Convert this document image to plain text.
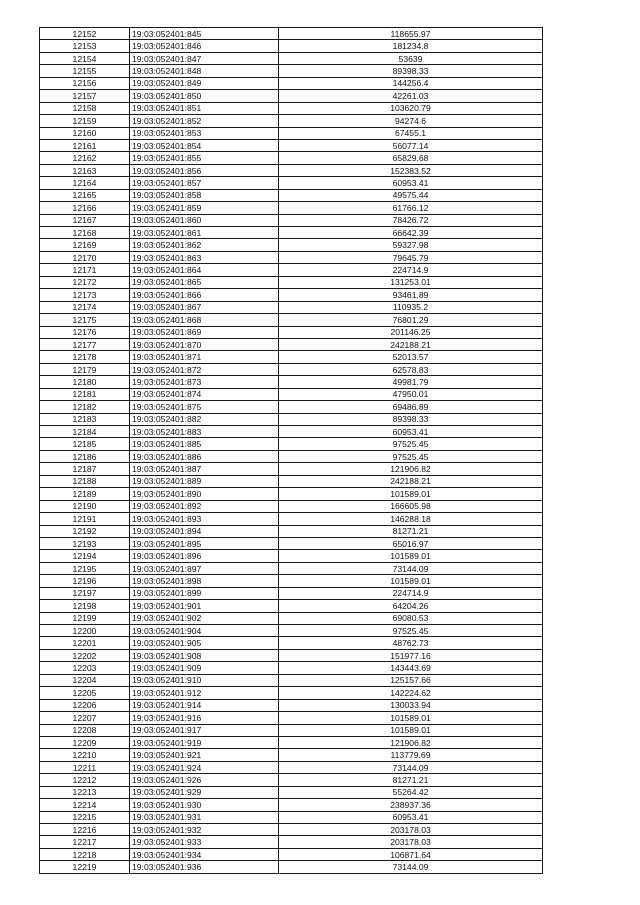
12152	19:03:052401:845	118655.97
12153	19:03:052401:846	181234.8
12154	19:03:052401:847	53639
12155	19:03:052401:848	89398.33
12156	19:03:052401:849	144256.4
12157	19:03:052401:850	42261.03
12158	19:03:052401:851	103620.79
12159	19:03:052401:852	94274.6
12160	19:03:052401:853	67455.1
12161	19:03:052401:854	56077.14
12162	19:03:052401:855	65829.68
12163	19:03:052401:856	152383.52
12164	19:03:052401:857	60953.41
12165	19:03:052401:858	49575.44
12166	19:03:052401:859	61766.12
12167	19:03:052401:860	78426.72
12168	19:03:052401:861	66642.39
12169	19:03:052401:862	59327.98
12170	19:03:052401:863	79645.79
12171	19:03:052401:864	224714.9
12172	19:03:052401:865	131253.01
12173	19:03:052401:866	93461.89
12174	19:03:052401:867	110935.2
12175	19:03:052401:868	76801.29
12176	19:03:052401:869	201146.25
12177	19:03:052401:870	242188.21
12178	19:03:052401:871	52013.57
12179	19:03:052401:872	62578.83
12180	19:03:052401:873	49981.79
12181	19:03:052401:874	47950.01
12182	19:03:052401:875	69486.89
12183	19:03:052401:882	89398.33
12184	19:03:052401:883	60953.41
12185	19:03:052401:885	97525.45
12186	19:03:052401:886	97525.45
12187	19:03:052401:887	121906.82
12188	19:03:052401:889	242188.21
12189	19:03:052401:890	101589.01
12190	19:03:052401:892	166605.98
12191	19:03:052401:893	146288.18
12192	19:03:052401:894	81271.21
12193	19:03:052401:895	65016.97
12194	19:03:052401:896	101589.01
12195	19:03:052401:897	73144.09
12196	19:03:052401:898	101589.01
12197	19:03:052401:899	224714.9
12198	19:03:052401:901	64204.26
12199	19:03:052401:902	69080.53
12200	19:03:052401:904	97525.45
12201	19:03:052401:905	48762.73
12202	19:03:052401:908	151977.16
12203	19:03:052401:909	143443.69
12204	19:03:052401:910	125157.66
12205	19:03:052401:912	142224.62
12206	19:03:052401:914	130033.94
12207	19:03:052401:916	101589.01
12208	19:03:052401:917	101589.01
12209	19:03:052401:919	121906.82
12210	19:03:052401:921	113779.69
12211	19:03:052401:924	73144.09
12212	19:03:052401:926	81271.21
12213	19:03:052401:929	55264.42
12214	19:03:052401:930	238937.36
12215	19:03:052401:931	60953.41
12216	19:03:052401:932	203178.03
12217	19:03:052401:933	203178.03
12218	19:03:052401:934	106871.64
12219	19:03:052401:936	73144.09
